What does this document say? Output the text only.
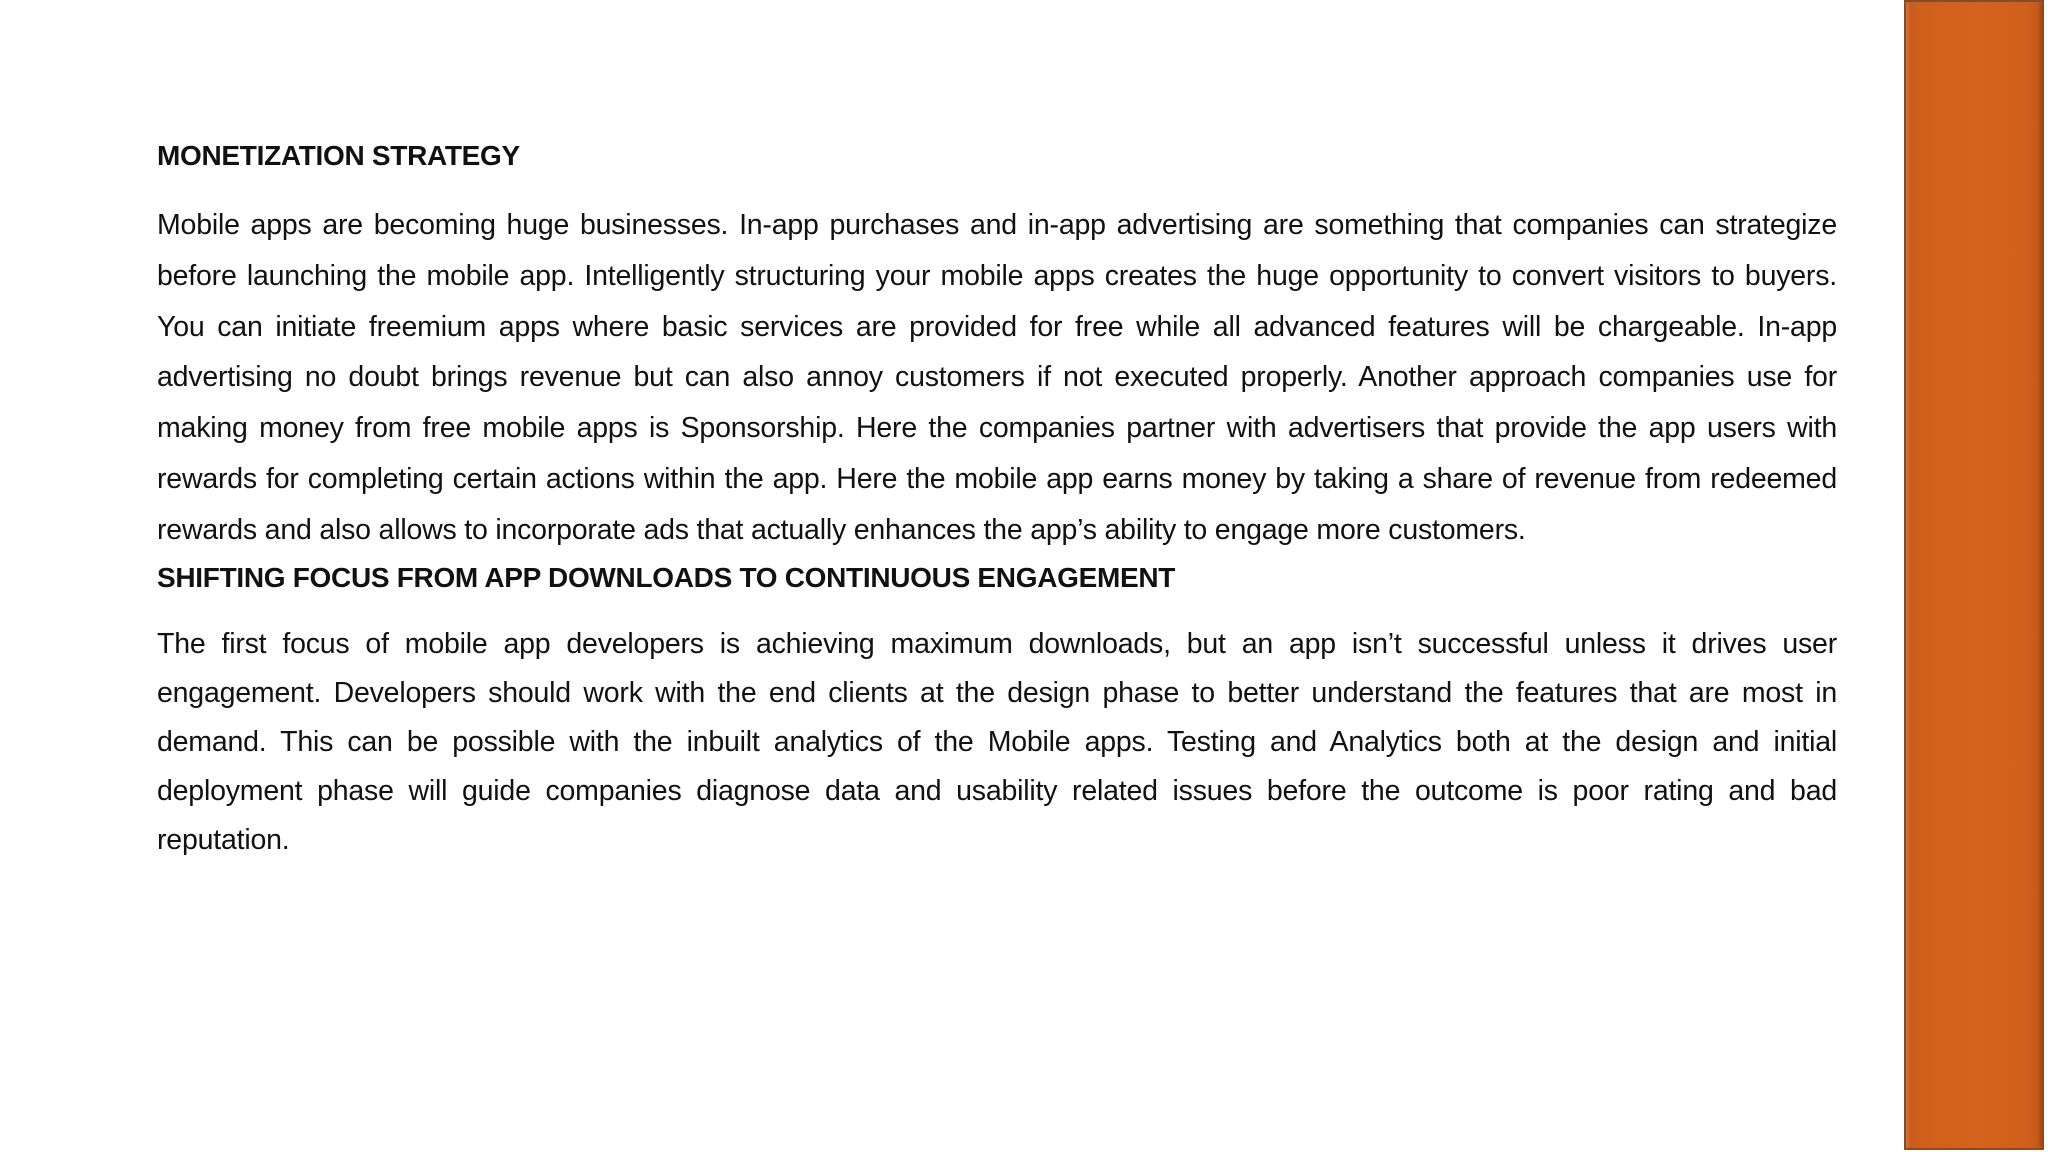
MONETIZATION STRATEGY

Mobile apps are becoming huge businesses. In-app purchases and in-app advertising are something that companies can strategize before launching the mobile app. Intelligently structuring your mobile apps creates the huge opportunity to convert visitors to buyers. You can initiate freemium apps where basic services are provided for free while all advanced features will be chargeable. In-app advertising no doubt brings revenue but can also annoy customers if not executed properly. Another approach companies use for making money from free mobile apps is Sponsorship. Here the companies partner with advertisers that provide the app users with rewards for completing certain actions within the app. Here the mobile app earns money by taking a share of revenue from redeemed rewards and also allows to incorporate ads that actually enhances the app’s ability to engage more customers.

SHIFTING FOCUS FROM APP DOWNLOADS TO CONTINUOUS ENGAGEMENT

The first focus of mobile app developers is achieving maximum downloads, but an app isn’t successful unless it drives user engagement. Developers should work with the end clients at the design phase to better understand the features that are most in demand. This can be possible with the inbuilt analytics of the Mobile apps. Testing and Analytics both at the design and initial deployment phase will guide companies diagnose data and usability related issues before the outcome is poor rating and bad reputation.
